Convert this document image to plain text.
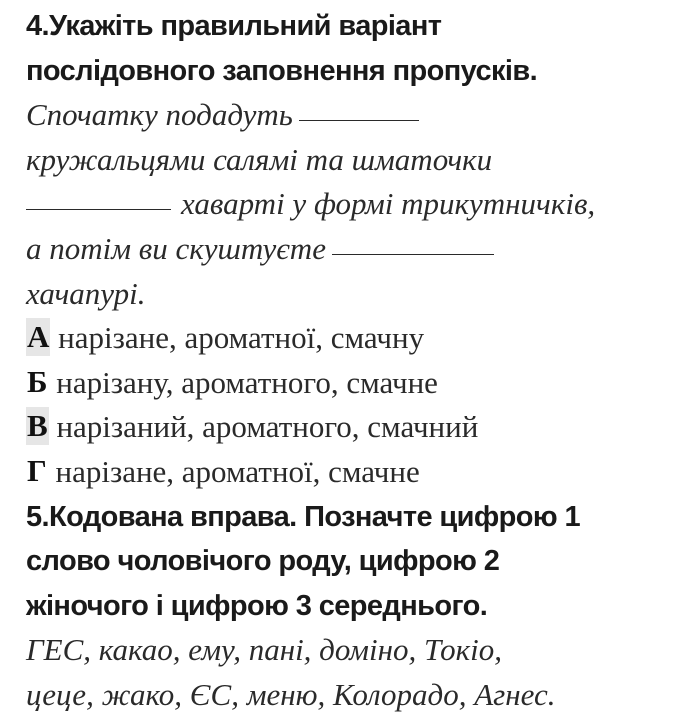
4.Укажіть правильний варіант
послідовного заповнення пропусків.
Спочатку подадуть
кружальцями салямі та шматочки
хаварті у формі трикутничків,
а потім ви скуштуєте
хачапурі.
А нарізане, ароматної, смачну
Б нарізану, ароматного, смачне
В нарізаний, ароматного, смачний
Г нарізане, ароматної, смачне
5.Кодована вправа. Позначте цифрою 1
слово чоловічого роду, цифрою 2
жіночого і цифрою 3 середнього.
ГЕС, какао, ему, пані, доміно, Токіо,
цеце, жако, ЄС, меню, Колорадо, Агнес.
